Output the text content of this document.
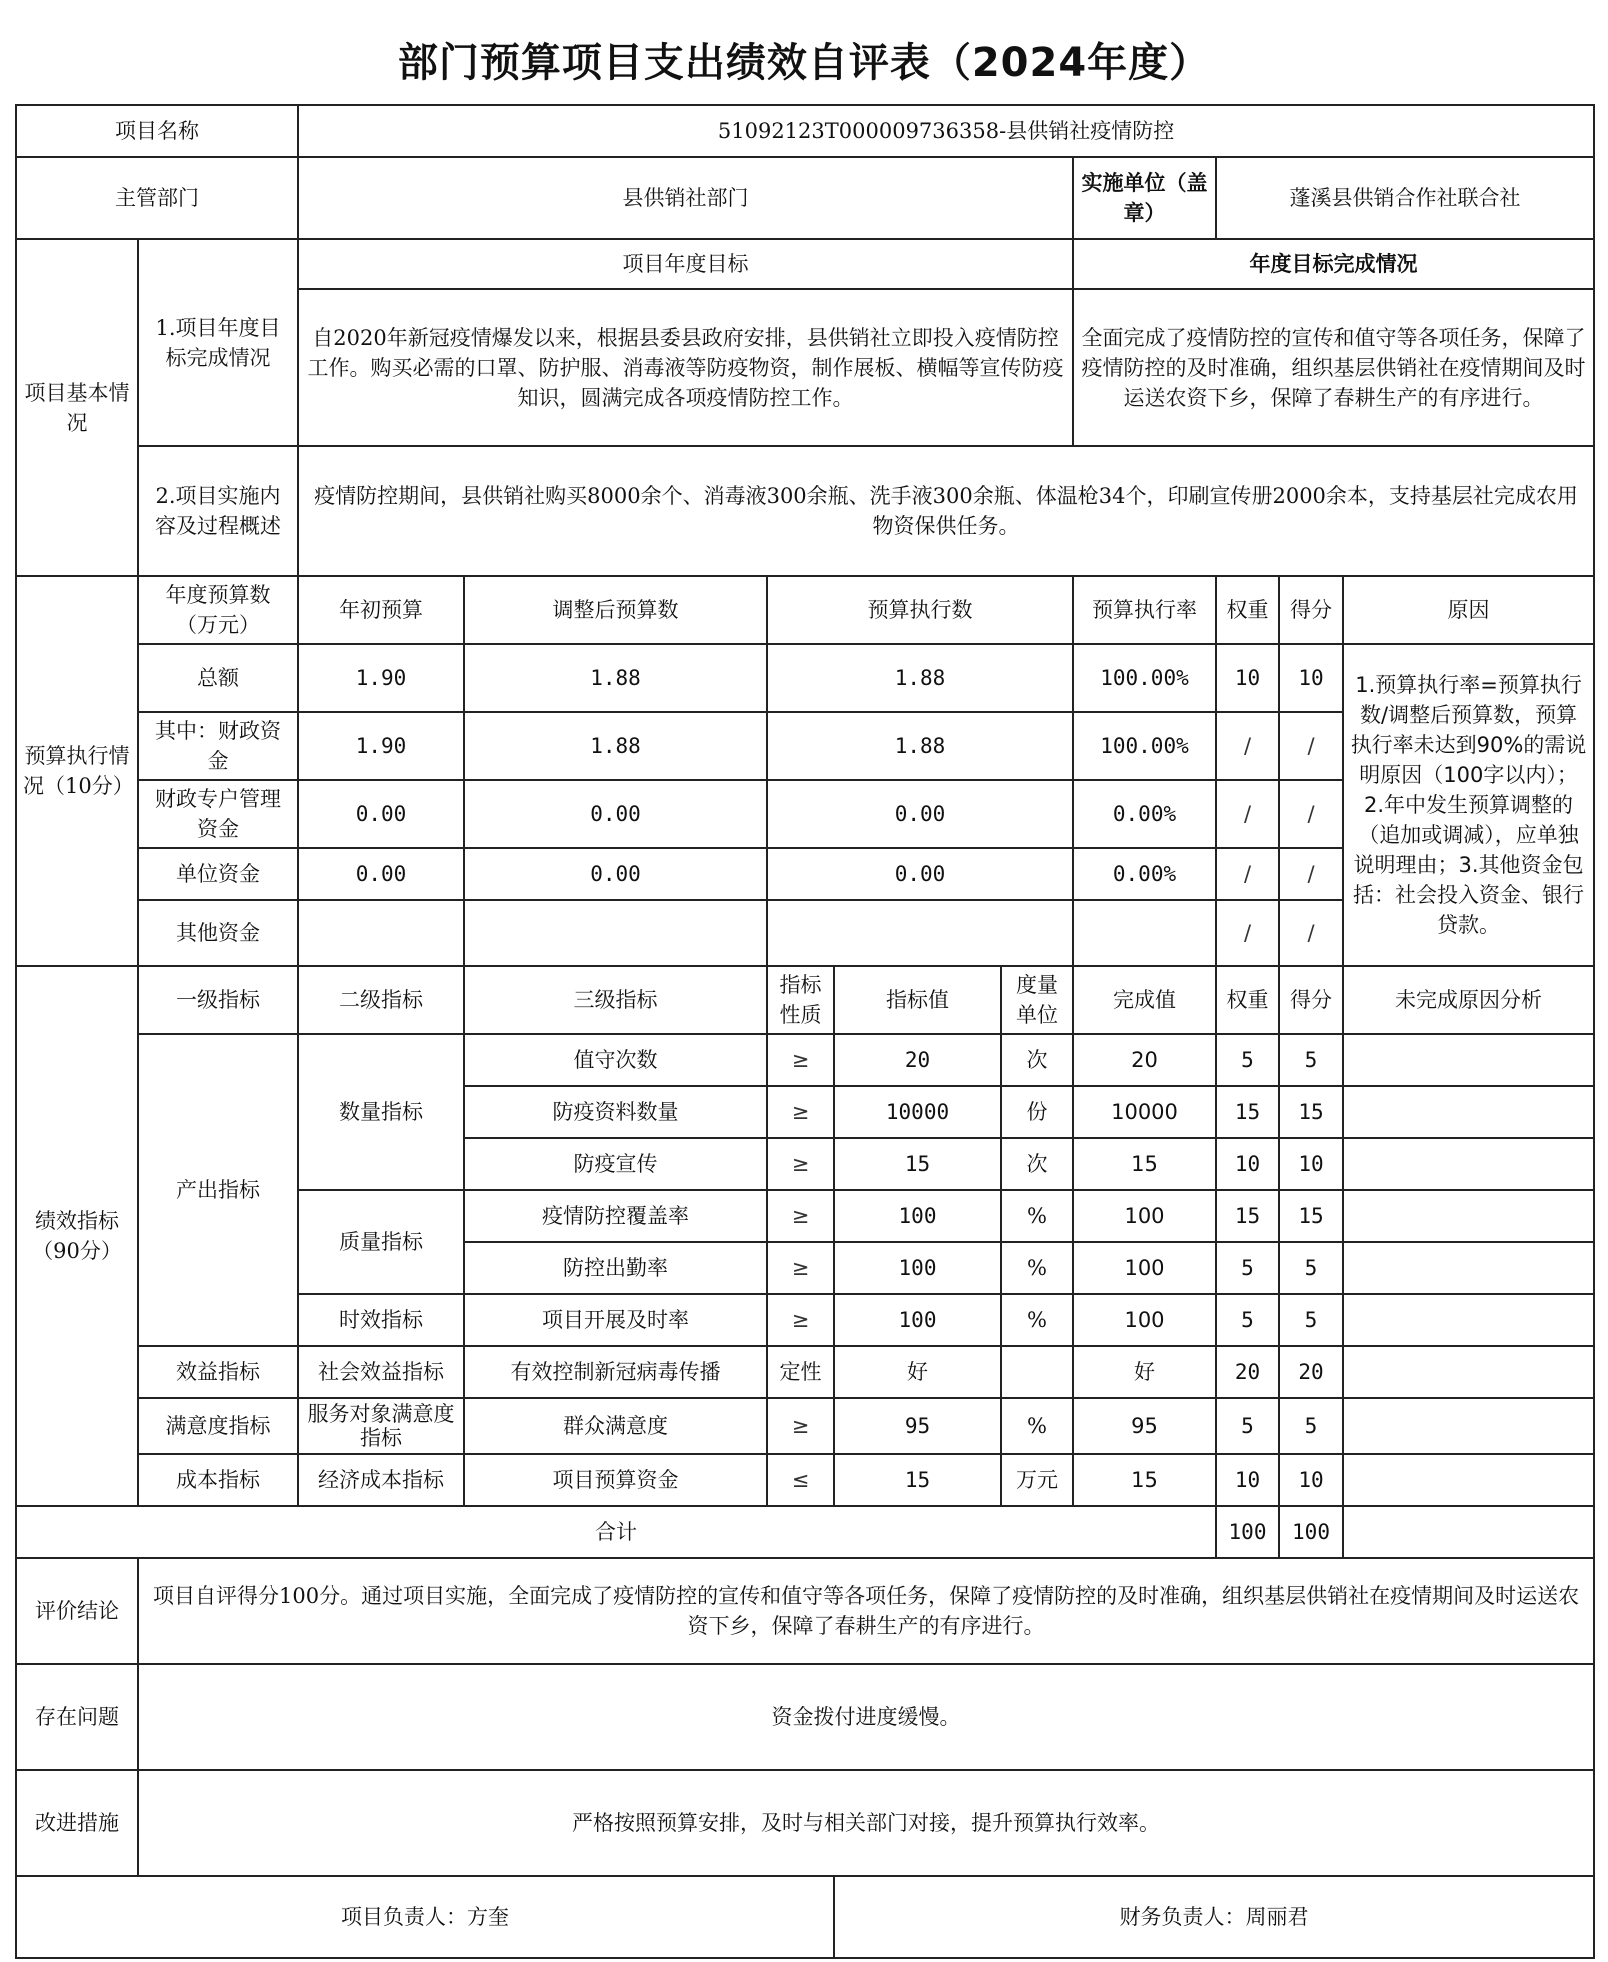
部门预算项目支出绩效自评表（2024年度）
项目名称		51092123T000009736358-县供销社疫情防控								
主管部门		县供销社部门					实施单位（盖章）	蓬溪县供销合作社联合社		
项目基本情况	1.项目年度目标完成情况	项目年度目标					年度目标完成情况			
		自2020年新冠疫情爆发以来，根据县委县政府安排，县供销社立即投入疫情防控工作。购买必需的口罩、防护服、消毒液等防疫物资，制作展板、横幅等宣传防疫知识，圆满完成各项疫情防控工作。					全面完成了疫情防控的宣传和值守等各项任务，保障了疫情防控的及时准确，组织基层供销社在疫情期间及时运送农资下乡，保障了春耕生产的有序进行。			
	2.项目实施内容及过程概述	疫情防控期间，县供销社购买8000余个、消毒液300余瓶、洗手液300余瓶、体温枪34个，印刷宣传册2000余本，支持基层社完成农用物资保供任务。								
预算执行情况（10分）	年度预算数（万元）	年初预算	调整后预算数	预算执行数			预算执行率	权重	得分	原因
	总额	1.90	1.88	1.88			100.00%	10	10	1.预算执行率=预算执行数/调整后预算数，预算执行率未达到90%的需说明原因（100字以内）；2.年中发生预算调整的（追加或调减），应单独说明理由；3.其他资金包括：社会投入资金、银行贷款。
	其中：财政资金	1.90	1.88	1.88			100.00%	/	/	
	财政专户管理资金	0.00	0.00	0.00			0.00%	/	/	
	单位资金	0.00	0.00	0.00			0.00%	/	/	
	其他资金							/	/	
绩效指标（90分）	一级指标	二级指标	三级指标	指标性质	指标值	度量单位	完成值	权重	得分	未完成原因分析
	产出指标	数量指标	值守次数	≥	20	次	20	5	5	
			防疫资料数量	≥	10000	份	10000	15	15	
			防疫宣传	≥	15	次	15	10	10	
		质量指标	疫情防控覆盖率	≥	100	%	100	15	15	
			防控出勤率	≥	100	%	100	5	5	
		时效指标	项目开展及时率	≥	100	%	100	5	5	
	效益指标	社会效益指标	有效控制新冠病毒传播	定性	好		好	20	20	
	满意度指标	服务对象满意度指标	群众满意度	≥	95	%	95	5	5	
	成本指标	经济成本指标	项目预算资金	≤	15	万元	15	10	10	
合计								100	100	
评价结论	项目自评得分100分。通过项目实施，全面完成了疫情防控的宣传和值守等各项任务，保障了疫情防控的及时准确，组织基层供销社在疫情期间及时运送农资下乡，保障了春耕生产的有序进行。									
存在问题	资金拨付进度缓慢。									
改进措施	严格按照预算安排，及时与相关部门对接，提升预算执行效率。									
项目负责人：方奎					财务负责人：周丽君					
